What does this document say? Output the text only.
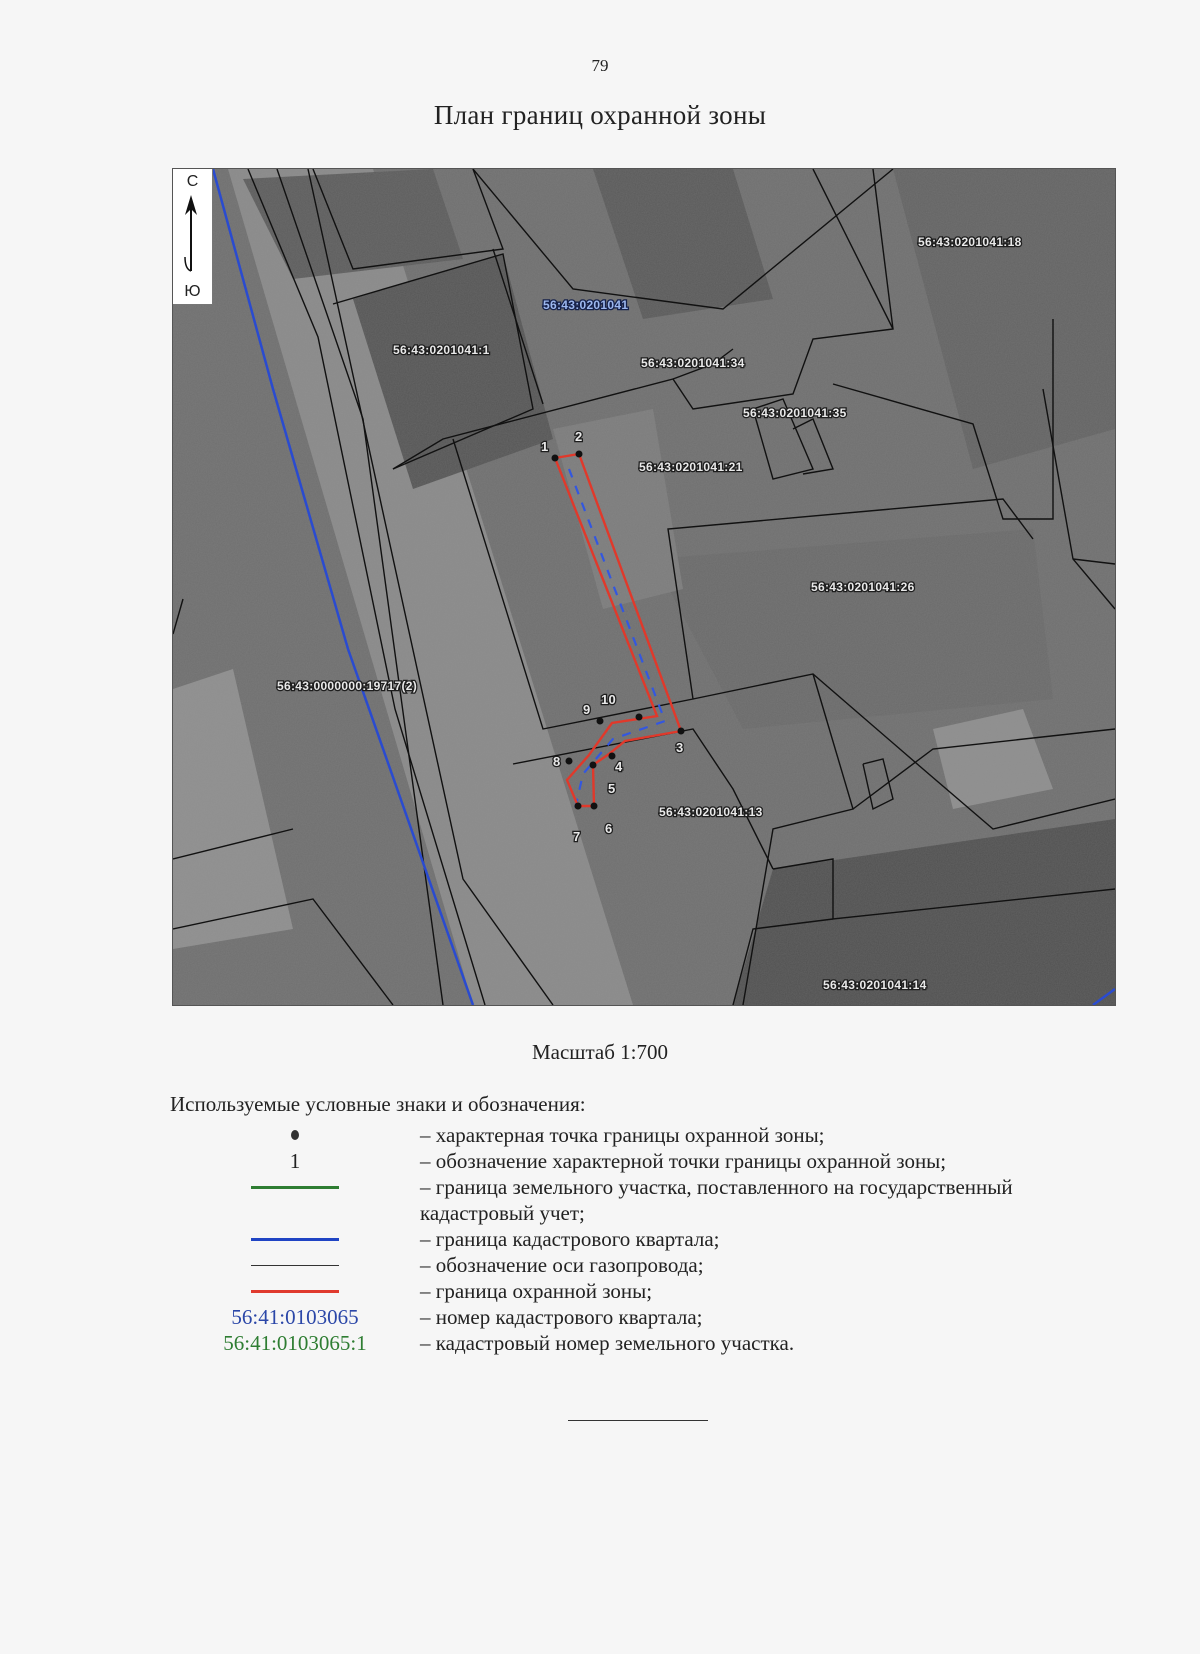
79
План границ охранной зоны
1
2
3
4
5
6
7
8
9
10
56:43:0201041
56:43:0201041:18
56:43:0201041:1
56:43:0201041:34
56:43:0201041:35
56:43:0201041:21
56:43:0201041:26
56:43:0000000:19717(2)
56:43:0201041:13
56:43:0201041:14
С
Ю
Масштаб 1:700
Используемые условные знаки и обозначения:
– характерная точка границы охранной зоны;
1	– обозначение характерной точки границы охранной зоны;
– граница земельного участка, поставленного на государственный кадастровый учет;
– граница кадастрового квартала;
– обозначение оси газопровода;
– граница охранной зоны;
56:41:0103065	– номер кадастрового квартала;
56:41:0103065:1	– кадастровый номер земельного участка.
